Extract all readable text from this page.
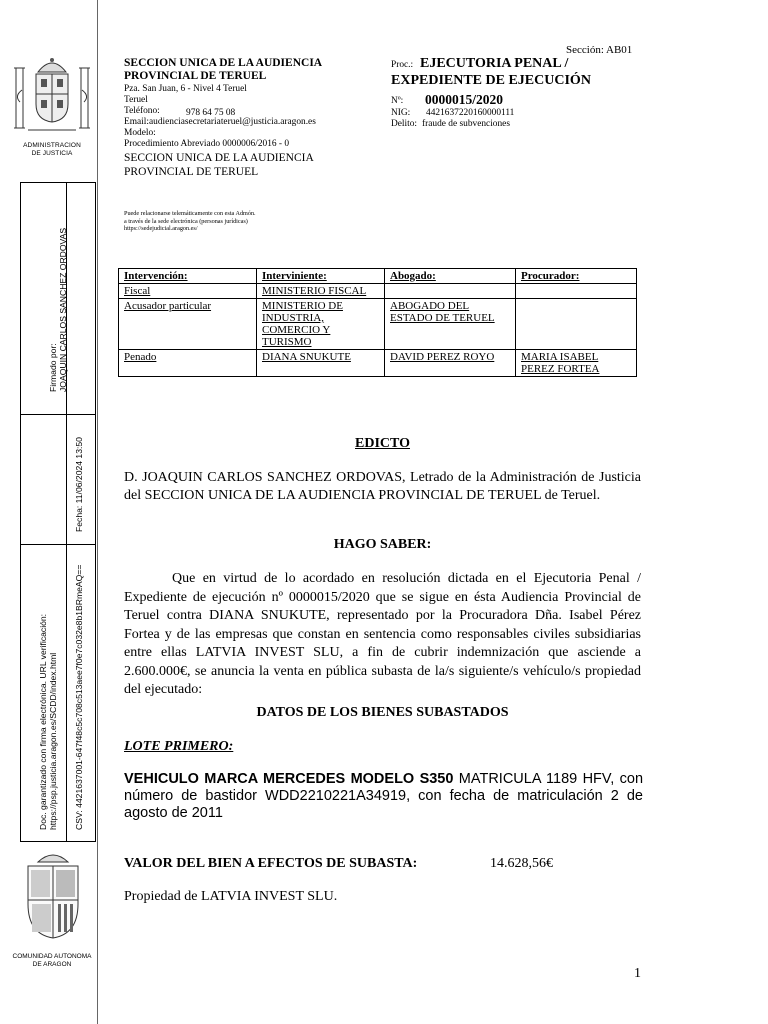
ADMINISTRACION
DE JUSTICIA
Firmado por: JOAQUIN CARLOS SANCHEZ ORDOVAS
Fecha: 11/06/2024 13:50
Doc. garantizado con firma electrónica. URL verificación: https://psp.justicia.aragon.es/SCDD/index.html CSV: 4421637001-647f48c5c708c513aee7f0e7c032e8b1BRmeAQ==
COMUNIDAD AUTONOMA
DE ARAGON
Sección: AB01
SECCION UNICA DE LA AUDIENCIA
PROVINCIAL DE TERUEL
Pza. San Juan, 6 - Nivel 4 Teruel
Teruel
Teléfono:
Email:audienciasecretariateruel@justicia.aragon.es
Modelo:
Procedimiento Abreviado 0000006/2016 - 0
978 64 75 08
SECCION UNICA DE LA AUDIENCIA
PROVINCIAL DE TERUEL
Proc.: EJECUTORIA PENAL /
EXPEDIENTE DE EJECUCIÓN
Nº: 0000015/2020
NIG: 4421637220160000111
Delito: fraude de subvenciones
Puede relacionarse telemáticamente con esta Admón.
a través de la sede electrónica (personas jurídicas)
https://sedejudicial.aragon.es/
Intervención:	Interviniente:	Abogado:	Procurador:
Fiscal	MINISTERIO FISCAL		
Acusador particular	MINISTERIO DE INDUSTRIA, COMERCIO Y TURISMO	ABOGADO DEL ESTADO DE TERUEL	
Penado	DIANA SNUKUTE	DAVID PEREZ ROYO	MARIA ISABEL PEREZ FORTEA
EDICTO
D. JOAQUIN CARLOS SANCHEZ ORDOVAS, Letrado de la Administración de Justicia del SECCION UNICA DE LA AUDIENCIA PROVINCIAL DE TERUEL de Teruel.
HAGO SABER:
Que en virtud de lo acordado en resolución dictada en el Ejecutoria Penal / Expediente de ejecución nº 0000015/2020 que se sigue en ésta Audiencia Provincial de Teruel contra DIANA SNUKUTE, representado por la Procuradora Dña. Isabel Pérez Fortea y de las empresas que constan en sentencia como responsables civiles subsidiarias entre ellas LATVIA INVEST SLU, a fin de cubrir indemnización que asciende a 2.600.000€, se anuncia la venta en pública subasta de la/s siguiente/s vehículo/s propiedad del ejecutado:
DATOS DE LOS BIENES SUBASTADOS
LOTE PRIMERO:
VEHICULO MARCA MERCEDES MODELO S350 MATRICULA 1189 HFV, con número de bastidor WDD2210221A34919, con fecha de matriculación 2 de agosto de 2011
VALOR DEL BIEN A EFECTOS DE SUBASTA:	14.628,56€
Propiedad de LATVIA INVEST SLU.
1
